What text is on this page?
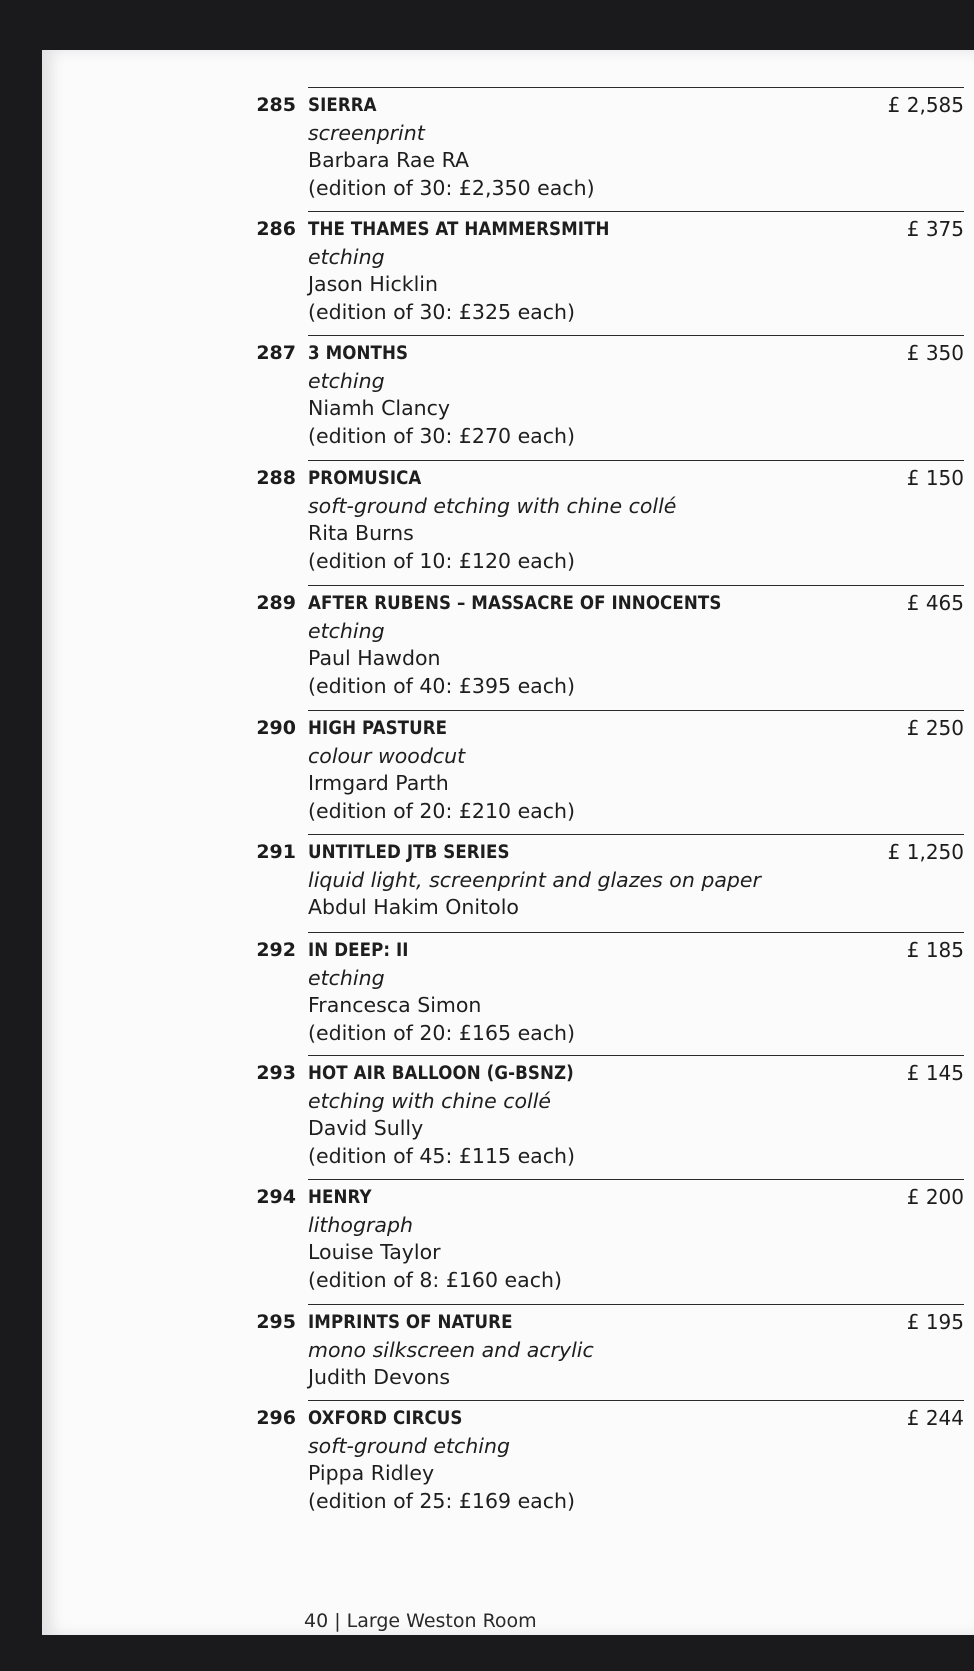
285	£ 2,585
SIERRA
screenprint
Barbara Rae RA
(edition of 30: £2,350 each)
286	£ 375
THE THAMES AT HAMMERSMITH
etching
Jason Hicklin
(edition of 30: £325 each)
287	£ 350
3 MONTHS
etching
Niamh Clancy
(edition of 30: £270 each)
288	£ 150
PROMUSICA
soft-ground etching with chine collé
Rita Burns
(edition of 10: £120 each)
289	£ 465
AFTER RUBENS – MASSACRE OF INNOCENTS
etching
Paul Hawdon
(edition of 40: £395 each)
290	£ 250
HIGH PASTURE
colour woodcut
Irmgard Parth
(edition of 20: £210 each)
291	£ 1,250
UNTITLED JTB SERIES
liquid light, screenprint and glazes on paper
Abdul Hakim Onitolo
292	£ 185
IN DEEP: II
etching
Francesca Simon
(edition of 20: £165 each)
293	£ 145
HOT AIR BALLOON (G-BSNZ)
etching with chine collé
David Sully
(edition of 45: £115 each)
294	£ 200
HENRY
lithograph
Louise Taylor
(edition of 8: £160 each)
295	£ 195
IMPRINTS OF NATURE
mono silkscreen and acrylic
Judith Devons
296	£ 244
OXFORD CIRCUS
soft-ground etching
Pippa Ridley
(edition of 25: £169 each)
40 | Large Weston Room
